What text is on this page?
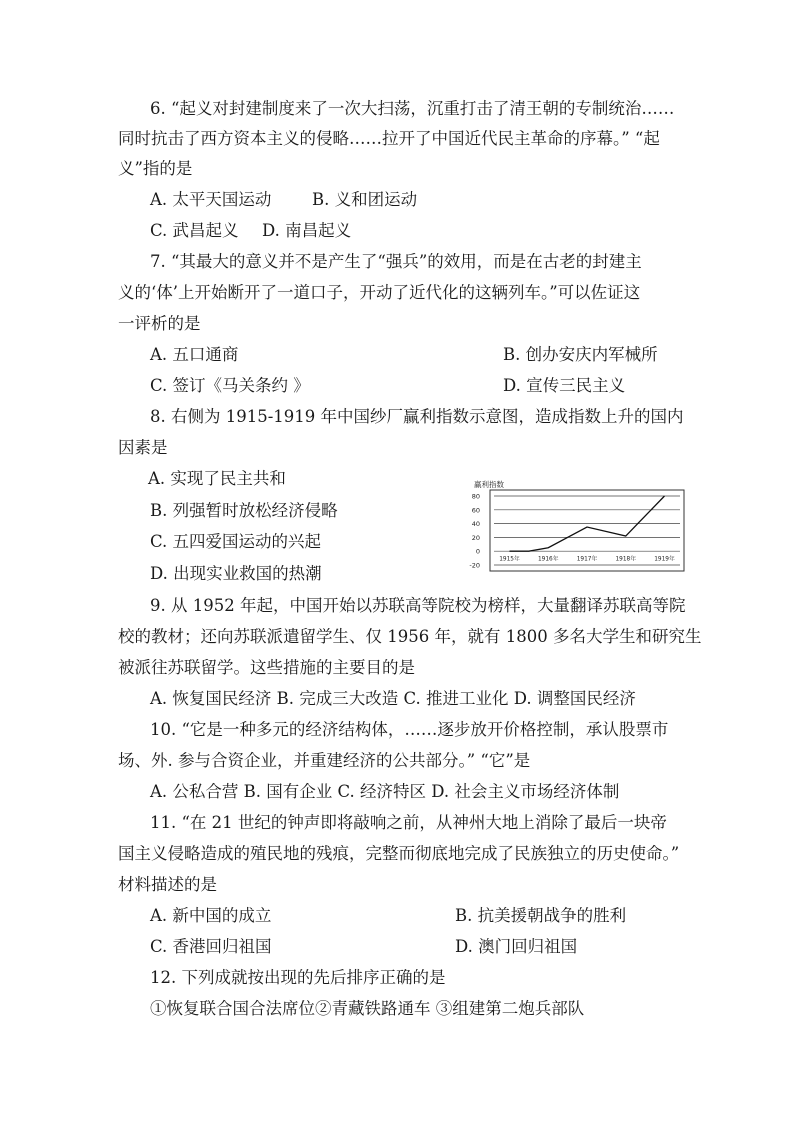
6. “起义对封建制度来了一次大扫荡，沉重打击了清王朝的专制统治……
同时抗击了西方资本主义的侵略……拉开了中国近代民主革命的序幕。” “起
义”指的是
A. 太平天国运动 B. 义和团运动
C. 武昌起义 D. 南昌起义
7. “其最大的意义并不是产生了“强兵”的效用，而是在古老的封建主
义的‘体’上开始断开了一道口子，开动了近代化的这辆列车。”可以佐证这
一评析的是
A. 五口通商	B. 创办安庆内军械所
C. 签订《马关条约 》	D. 宣传三民主义
8. 右侧为 1915-1919 年中国纱厂赢利指数示意图，造成指数上升的国内
因素是
A. 实现了民主共和
B. 列强暂时放松经济侵略
C. 五四爱国运动的兴起
D. 出现实业救国的热潮
赢利指数
80
60
40
20
0
-20
1915年	1916年	1917年	1918年	1919年
9. 从 1952 年起，中国开始以苏联高等院校为榜样，大量翻译苏联高等院
校的教材；还向苏联派遣留学生、仅 1956 年，就有 1800 多名大学生和研究生
被派往苏联留学。这些措施的主要目的是
A. 恢复国民经济 B. 完成三大改造 C. 推进工业化 D. 调整国民经济
10. “它是一种多元的经济结构体，……逐步放开价格控制，承认股票市
场、外. 参与合资企业，并重建经济的公共部分。” “它”是
A. 公私合营 B. 国有企业 C. 经济特区 D. 社会主义市场经济体制
11. “在 21 世纪的钟声即将敲响之前，从神州大地上消除了最后一块帝
国主义侵略造成的殖民地的残痕，完整而彻底地完成了民族独立的历史使命。”
材料描述的是
A. 新中国的成立	B. 抗美援朝战争的胜利
C. 香港回归祖国	D. 澳门回归祖国
12. 下列成就按出现的先后排序正确的是
①恢复联合国合法席位②青藏铁路通车 ③组建第二炮兵部队
